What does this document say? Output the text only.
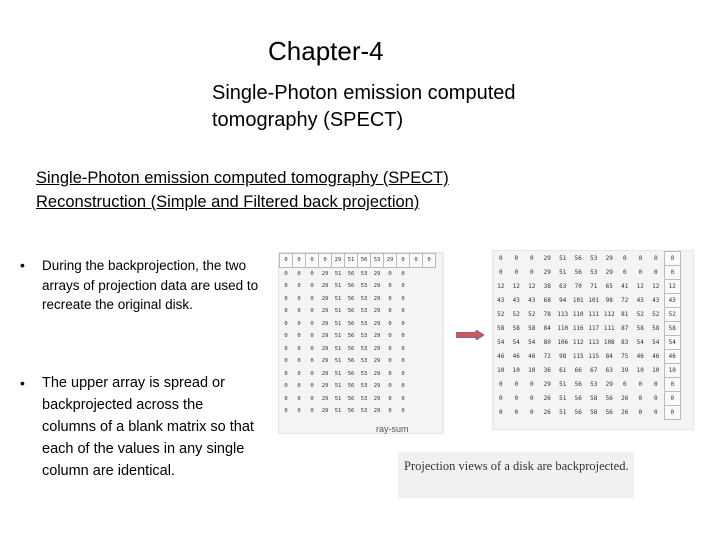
Chapter-4
Single-Photon emission computed tomography (SPECT)
Single-Photon emission computed tomography (SPECT)
Reconstruction (Simple and Filtered back projection)
• During the backprojection, the two arrays of projection data are used to recreate the original disk.
• The upper array is spread or backprojected across the columns of a blank matrix so that each of the values in any single column are identical.
0	0	0	0	29	51	56	53	29	0	0	0
0	0	0	29	51	56	53	29	0	0		
0	0	0	29	51	56	53	29	0	0		
0	0	0	29	51	56	53	29	0	0		
0	0	0	29	51	56	53	29	0	0		
0	0	0	29	51	56	53	29	0	0		
0	0	0	29	51	56	53	29	0	0		
0	0	0	29	51	56	53	29	0	0		
0	0	0	29	51	56	53	29	0	0		
0	0	0	29	51	56	53	29	0	0		
0	0	0	29	51	56	53	29	0	0		
0	0	0	29	51	56	53	29	0	0		
0	0	0	29	51	56	53	29	0	0		
ray-sum
0	0	0	29	51	56	53	29	0	0	0	0
0	0	0	29	51	56	53	29	0	0	0	0
12	12	12	38	63	70	71	65	41	12	12	12
43	43	43	68	94	101	101	98	72	43	43	43
52	52	52	78	113	110	111	112	81	52	52	52
58	58	58	84	110	116	117	111	87	58	58	58
54	54	54	80	106	112	113	108	83	54	54	54
46	46	46	72	98	115	115	84	75	46	46	46
10	10	10	36	61	66	67	63	39	10	10	10
0	0	0	29	51	56	53	29	0	0	0	0
0	0	0	26	51	56	58	56	26	0	0	0
0	0	0	26	51	56	58	56	26	0	0	0
Projection views of a disk are backprojected.
